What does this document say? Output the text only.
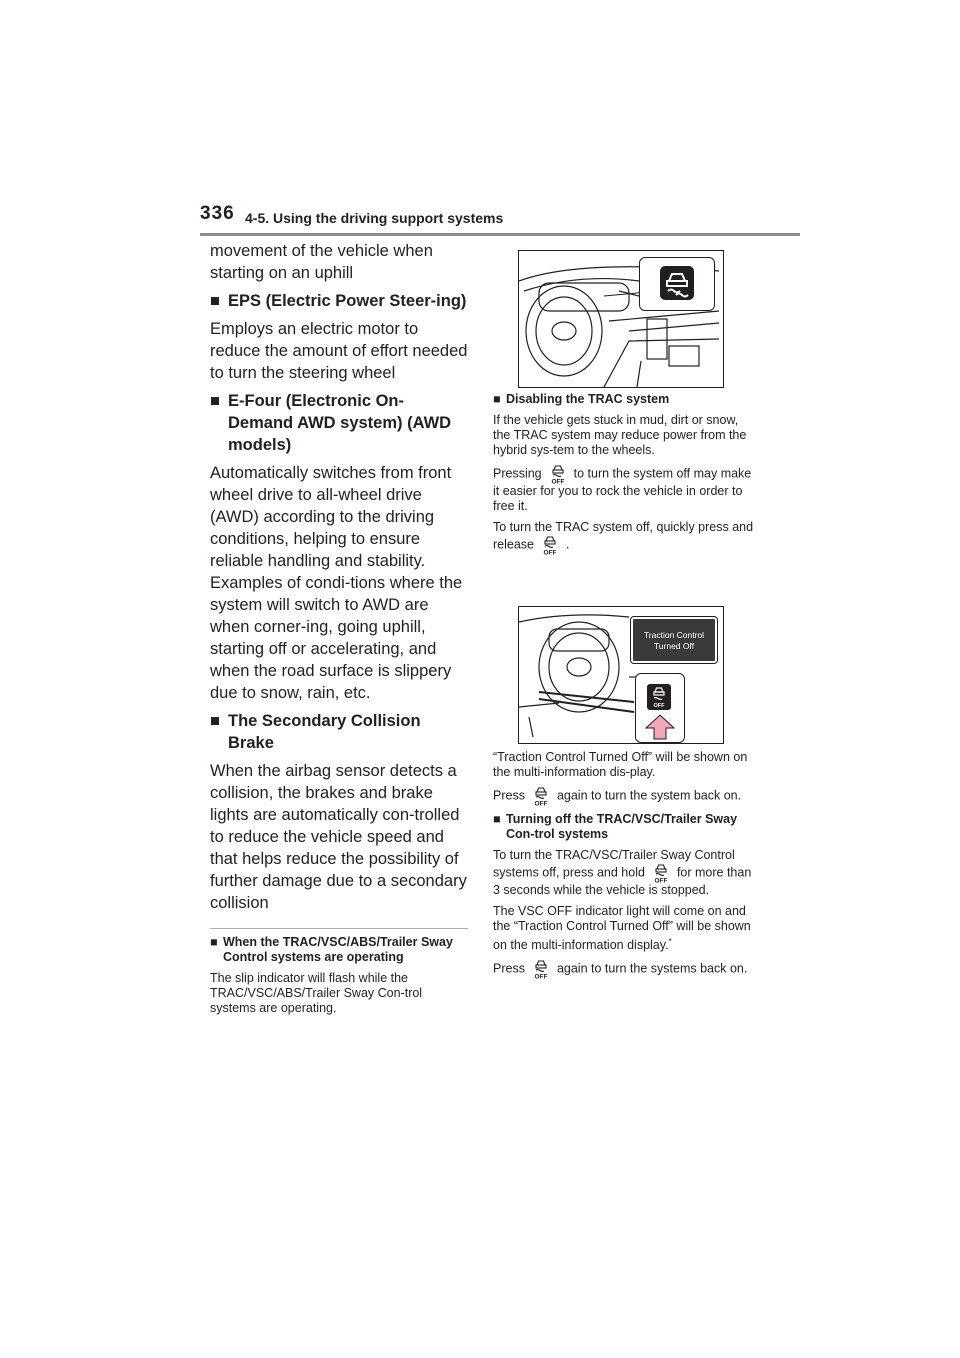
336 4-5. Using the driving support systems

movement of the vehicle when starting on an uphill

■ EPS (Electric Power Steer-ing)

Employs an electric motor to reduce the amount of effort needed to turn the steering wheel

■ E-Four (Electronic On-Demand AWD system) (AWD models)

Automatically switches from front wheel drive to all-wheel drive (AWD) according to the driving conditions, helping to ensure reliable handling and stability. Examples of condi-tions where the system will switch to AWD are when corner-ing, going uphill, starting off or accelerating, and when the road surface is slippery due to snow, rain, etc.

■ The Secondary Collision Brake

When the airbag sensor detects a collision, the brakes and brake lights are automatically con-trolled to reduce the vehicle speed and that helps reduce the possibility of further damage due to a secondary collision

■ When the TRAC/VSC/ABS/Trailer Sway Control systems are operating

The slip indicator will flash while the TRAC/VSC/ABS/Trailer Sway Con-trol systems are operating.

■ Disabling the TRAC system

If the vehicle gets stuck in mud, dirt or snow, the TRAC system may reduce power from the hybrid sys-tem to the wheels.

Pressing
OFF
to turn the system off may make it easier for you to rock the vehicle in order to free it.

To turn the TRAC system off, quickly press and release
OFF
.

Traction Control
Turned Off
OFF

“Traction Control Turned Off” will be shown on the multi-information dis-play.

Press
OFF
again to turn the system back on.

■ Turning off the TRAC/VSC/Trailer Sway Con-trol systems

To turn the TRAC/VSC/Trailer Sway Control systems off, press and hold
OFF
for more than 3 seconds while the vehicle is stopped.

The VSC OFF indicator light will come on and the “Traction Control Turned Off” will be shown on the multi-information display.*

Press
OFF
again to turn the systems back on.
